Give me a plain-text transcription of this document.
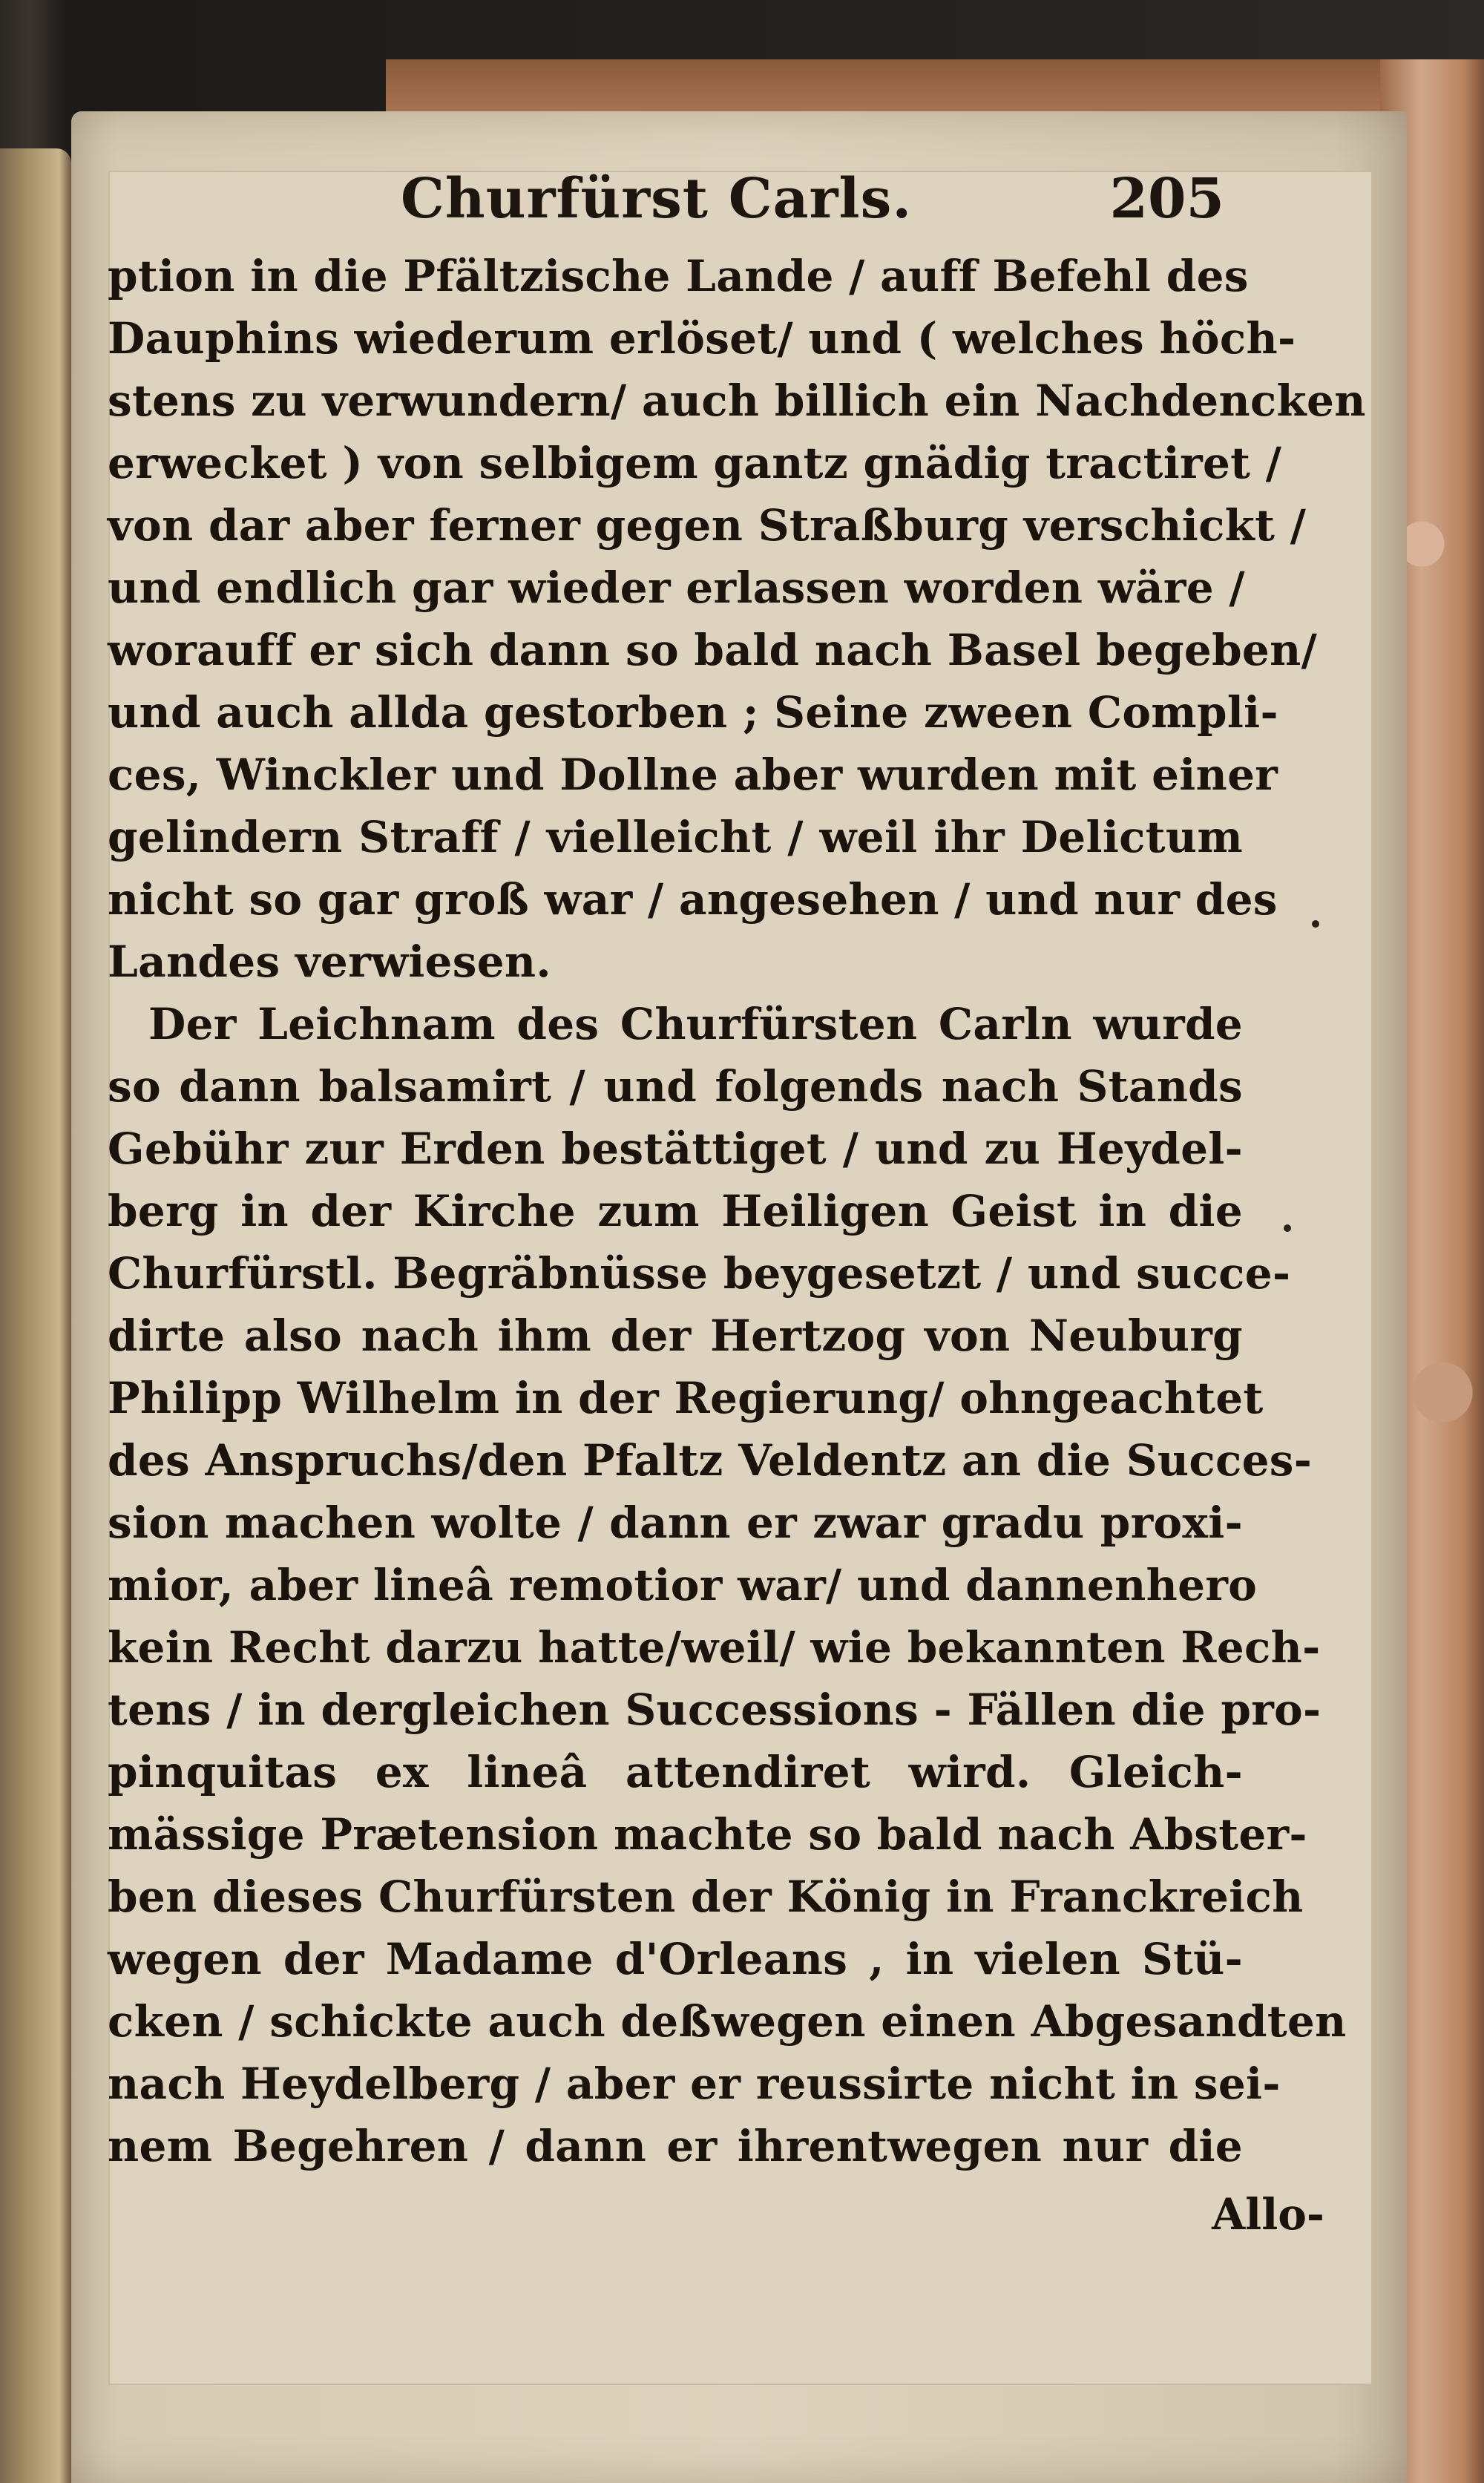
Churfürst Carls.	205
ption in die Pfältzische Lande / auff Befehl des
Dauphins wiederum erlöset/ und ( welches höch-
stens zu verwundern/ auch billich ein Nachdencken
erwecket ) von selbigem gantz gnädig tractiret /
von dar aber ferner gegen Straßburg verschickt /
und endlich gar wieder erlassen worden wäre /
worauff er sich dann so bald nach Basel begeben/
und auch allda gestorben ; Seine zween Compli-
ces, Winckler und Dollne aber wurden mit einer
gelindern Straff / vielleicht / weil ihr Delictum
nicht so gar groß war / angesehen / und nur des
Landes verwiesen.
Der Leichnam des Churfürsten Carln wurde
so dann balsamirt / und folgends nach Stands
Gebühr zur Erden bestättiget / und zu Heydel-
berg in der Kirche zum Heiligen Geist in die
Churfürstl. Begräbnüsse beygesetzt / und succe-
dirte also nach ihm der Hertzog von Neuburg
Philipp Wilhelm in der Regierung/ ohngeachtet
des Anspruchs/den Pfaltz Veldentz an die Succes-
sion machen wolte / dann er zwar gradu proxi-
mior, aber lineâ remotior war/ und dannenhero
kein Recht darzu hatte/weil/ wie bekannten Rech-
tens / in dergleichen Successions - Fällen die pro-
pinquitas ex lineâ attendiret wird. Gleich-
mässige Prætension machte so bald nach Abster-
ben dieses Churfürsten der König in Franckreich
wegen der Madame d'Orleans , in vielen Stü-
cken / schickte auch deßwegen einen Abgesandten
nach Heydelberg / aber er reussirte nicht in sei-
nem Begehren / dann er ihrentwegen nur die
Allo-
